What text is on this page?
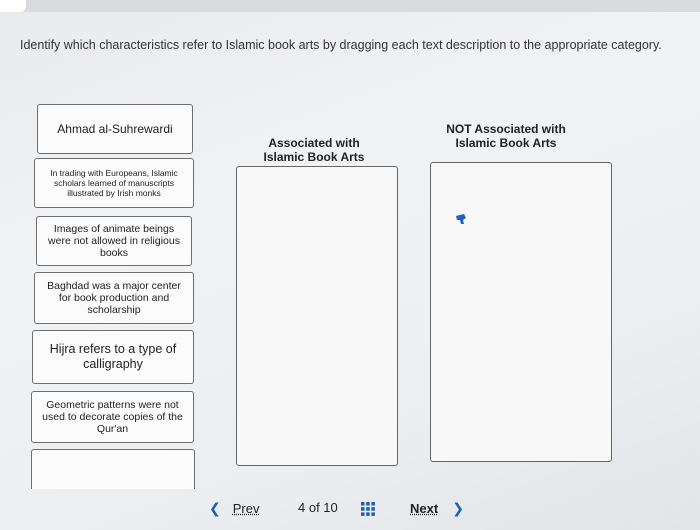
Identify which characteristics refer to Islamic book arts by dragging each text description to the appropriate category.
Ahmad al-Suhrewardi
In trading with Europeans, Islamic scholars learned of manuscripts illustrated by Irish monks
Images of animate beings were not allowed in religious books
Baghdad was a major center for book production and scholarship
Hijra refers to a type of calligraphy
Geometric patterns were not used to decorate copies of the Qur'an
Associated with Islamic Book Arts
NOT Associated with Islamic Book Arts
❮ Prev	4 of 10	Next ❯
